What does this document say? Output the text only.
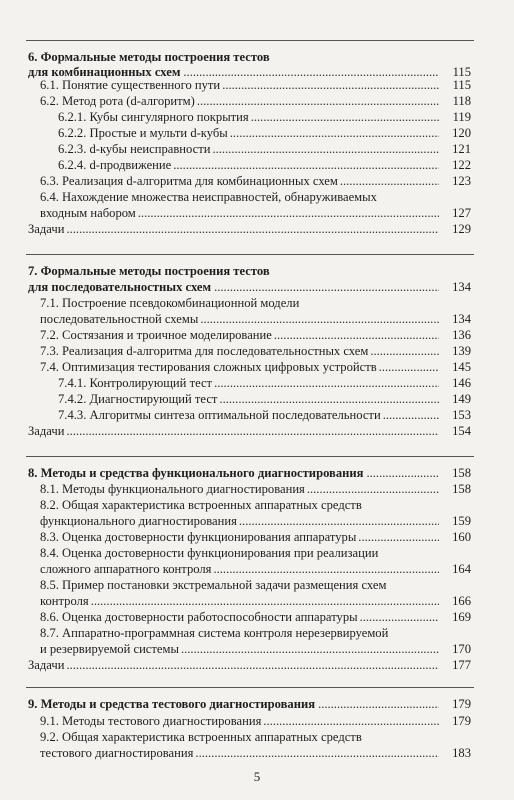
6. Формальные методы построения тестов
для комбинационных схем .....	115
6.1. Понятие существенного пути .....	115
6.2. Метод рота (d-алгоритм) .....	118
6.2.1. Кубы сингулярного покрытия .....	119
6.2.2. Простые и мульти d-кубы .....	120
6.2.3. d-кубы неисправности .....	121
6.2.4. d-продвижение .....	122
6.3. Реализация d-алгоритма для комбинационных схем .....	123
6.4. Нахождение множества неисправностей, обнаруживаемых
входным набором .....	127
Задачи .....	129
7. Формальные методы построения тестов
для последовательностных схем .....	134
7.1. Построение псевдокомбинационной модели
последовательностной схемы .....	134
7.2. Состязания и троичное моделирование .....	136
7.3. Реализация d-алгоритма для последовательностных схем .....	139
7.4. Оптимизация тестирования сложных цифровых устройств .....	145
7.4.1. Контролирующий тест .....	146
7.4.2. Диагностирующий тест .....	149
7.4.3. Алгоритмы синтеза оптимальной последовательности .....	153
Задачи .....	154
8. Методы и средства функционального диагностирования .....	158
8.1. Методы функционального диагностирования .....	158
8.2. Общая характеристика встроенных аппаратных средств
функционального диагностирования .....	159
8.3. Оценка достоверности функционирования аппаратуры .....	160
8.4. Оценка достоверности функционирования при реализации
сложного аппаратного контроля .....	164
8.5. Пример постановки экстремальной задачи размещения схем
контроля .....	166
8.6. Оценка достоверности работоспособности аппаратуры .....	169
8.7. Аппаратно-программная система контроля нерезервируемой
и резервируемой системы .....	170
Задачи .....	177
9. Методы и средства тестового диагностирования .....	179
9.1. Методы тестового диагностирования .....	179
9.2. Общая характеристика встроенных аппаратных средств
тестового диагностирования .....	183
5
